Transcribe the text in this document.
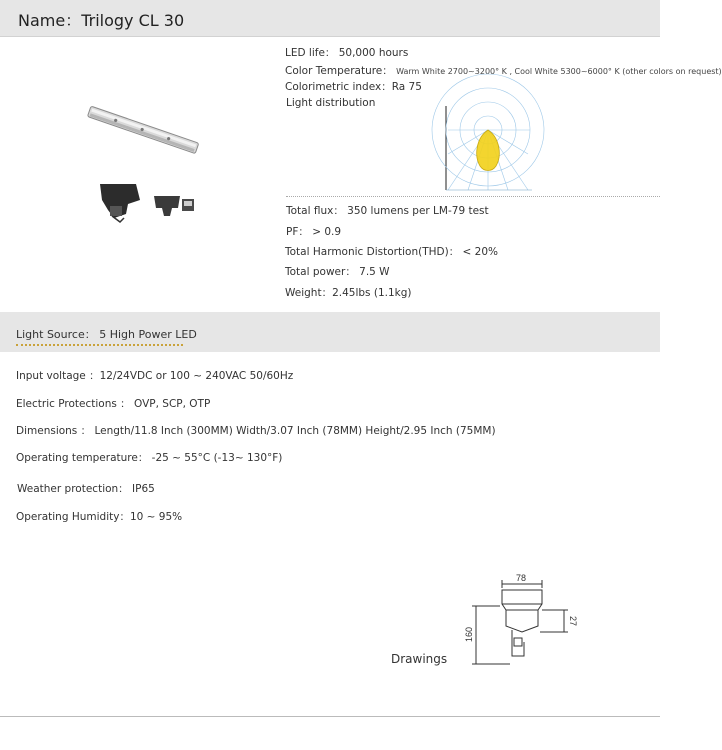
Name：Trilogy CL 30
LED life： 50,000 hours
Color Temperature： Warm White 2700~3200° K , Cool White 5300~6000° K (other colors on request)
Colorimetric index：Ra 75
Light distribution
Total flux： 350 lumens per LM-79 test
PF： > 0.9
Total Harmonic Distortion(THD)： < 20%
Total power： 7.5 W
Weight：2.45lbs (1.1kg)
Light Source： 5 High Power LED
Input voltage ：12/24VDC or 100 ~ 240VAC 50/60Hz
Electric Protections ： OVP, SCP, OTP
Dimensions ： Length/11.8 Inch (300MM) Width/3.07 Inch (78MM) Height/2.95 Inch (75MM)
Operating temperature： -25 ~ 55°C (-13~ 130°F)
Weather protection： IP65
Operating Humidity：10 ~ 95%
Drawings
78
160
27
